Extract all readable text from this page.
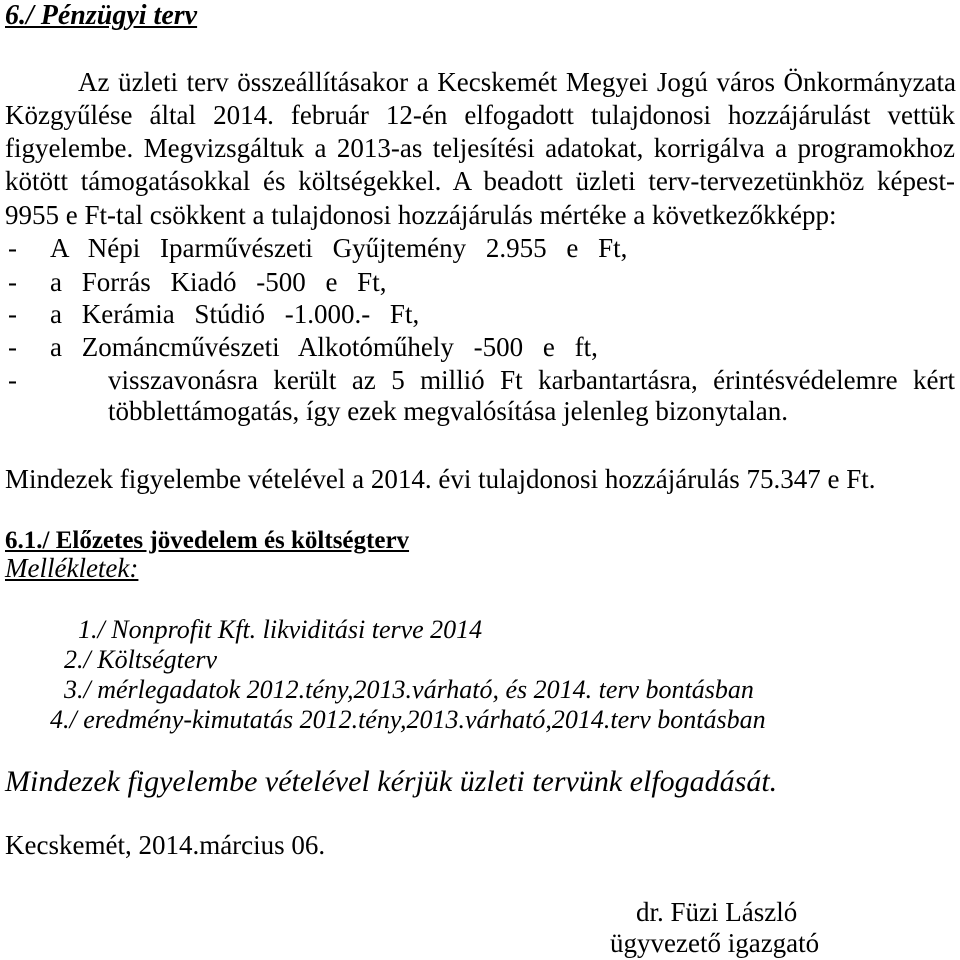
6./ Pénzügyi terv
Az üzleti terv összeállításakor a Kecskemét Megyei Jogú város Önkormányzata
Közgyűlése által 2014. február 12-én elfogadott tulajdonosi hozzájárulást vettük
figyelembe. Megvizsgáltuk a 2013-as teljesítési adatokat, korrigálva a programokhoz
kötött támogatásokkal és költségekkel. A beadott üzleti terv-tervezetünkhöz képest-
9955 e Ft-tal csökkent a tulajdonosi hozzájárulás mértéke a következőkképp:
- A Népi Iparművészeti Gyűjtemény 2.955 e Ft,
- a Forrás Kiadó -500 e Ft,
- a Kerámia Stúdió -1.000.- Ft,
- a Zománcművészeti Alkotóműhely -500 e ft,
-	visszavonásra került az 5 millió Ft karbantartásra, érintésvédelemre kért
többlettámogatás, így ezek megvalósítása jelenleg bizonytalan.
Mindezek figyelembe vételével a 2014. évi tulajdonosi hozzájárulás 75.347 e Ft.
6.1./ Előzetes jövedelem és költségterv
Mellékletek:
1./ Nonprofit Kft. likviditási terve 2014
2./ Költségterv
3./ mérlegadatok 2012.tény,2013.várható, és 2014. terv bontásban
4./ eredmény-kimutatás 2012.tény,2013.várható,2014.terv bontásban
Mindezek figyelembe vételével kérjük üzleti tervünk elfogadását.
Kecskemét, 2014.március 06.
dr. Füzi László
ügyvezető igazgató
